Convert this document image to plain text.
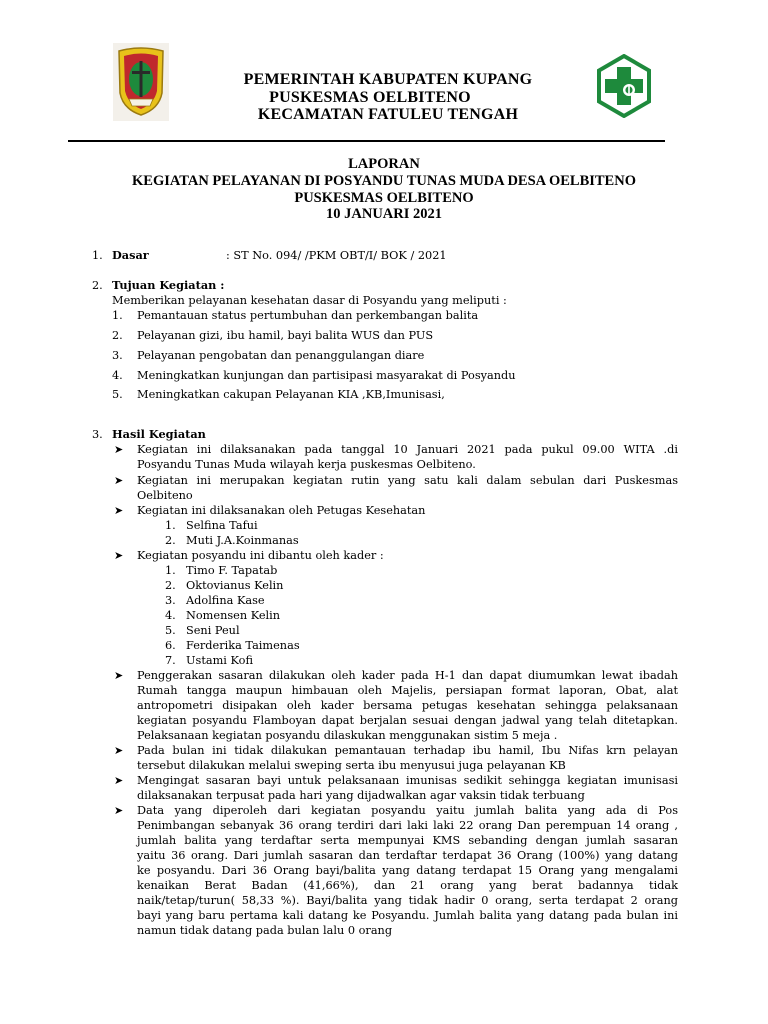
PEMERINTAH KABUPATEN KUPANG
PUSKESMAS OELBITENO
KECAMATAN FATULEU TENGAH
LAPORAN
KEGIATAN PELAYANAN DI POSYANDU TUNAS MUDA DESA OELBITENO
PUSKESMAS OELBITENO
10 JANUARI 2021
1. Dasar	: ST No. 094/ /PKM OBT/I/ BOK / 2021
2. Tujuan Kegiatan :
Memberikan pelayanan kesehatan dasar di Posyandu yang meliputi :
1. Pemantauan status pertumbuhan dan perkembangan balita
2. Pelayanan gizi, ibu hamil, bayi balita WUS dan PUS
3. Pelayanan pengobatan dan penanggulangan diare
4. Meningkatkan kunjungan dan partisipasi masyarakat di Posyandu
5. Meningkatkan cakupan Pelayanan KIA ,KB,Imunisasi,
3. Hasil Kegiatan
➤ Kegiatan ini dilaksanakan pada tanggal 10 Januari 2021 pada pukul 09.00 WITA .di
Posyandu Tunas Muda wilayah kerja puskesmas Oelbiteno.
➤ Kegiatan ini merupakan kegiatan rutin yang satu kali dalam sebulan dari Puskesmas
Oelbiteno
➤ Kegiatan ini dilaksanakan oleh Petugas Kesehatan
1. Selfina Tafui
2. Muti J.A.Koinmanas
➤ Kegiatan posyandu ini dibantu oleh kader :
1. Timo F. Tapatab
2. Oktovianus Kelin
3. Adolfina Kase
4. Nomensen Kelin
5. Seni Peul
6. Ferderika Taimenas
7. Ustami Kofi
➤ Penggerakan sasaran dilakukan oleh kader pada H-1 dan dapat diumumkan lewat ibadah
Rumah tangga maupun himbauan oleh Majelis, persiapan format laporan, Obat, alat
antropometri disipakan oleh kader bersama petugas kesehatan sehingga pelaksanaan
kegiatan posyandu Flamboyan dapat berjalan sesuai dengan jadwal yang telah ditetapkan.
Pelaksanaan kegiatan posyandu dilaskukan menggunakan sistim 5 meja .
➤ Pada bulan ini tidak dilakukan pemantauan terhadap ibu hamil, Ibu Nifas krn pelayan
tersebut dilakukan melalui sweping serta ibu menyusui juga pelayanan KB
➤ Mengingat sasaran bayi untuk pelaksanaan imunisas sedikit sehingga kegiatan imunisasi
dilaksanakan terpusat pada hari yang dijadwalkan agar vaksin tidak terbuang
➤ Data yang diperoleh dari kegiatan posyandu yaitu jumlah balita yang ada di Pos
Penimbangan sebanyak 36 orang terdiri dari laki laki 22 orang Dan perempuan 14 orang ,
jumlah balita yang terdaftar serta mempunyai KMS sebanding dengan jumlah sasaran
yaitu 36 orang. Dari jumlah sasaran dan terdaftar terdapat 36 Orang (100%) yang datang
ke posyandu. Dari 36 Orang bayi/balita yang datang terdapat 15 Orang yang mengalami
kenaikan Berat Badan (41,66%), dan 21 orang yang berat badannya tidak
naik/tetap/turun( 58,33 %). Bayi/balita yang tidak hadir 0 orang, serta terdapat 2 orang
bayi yang baru pertama kali datang ke Posyandu. Jumlah balita yang datang pada bulan ini
namun tidak datang pada bulan lalu 0 orang
